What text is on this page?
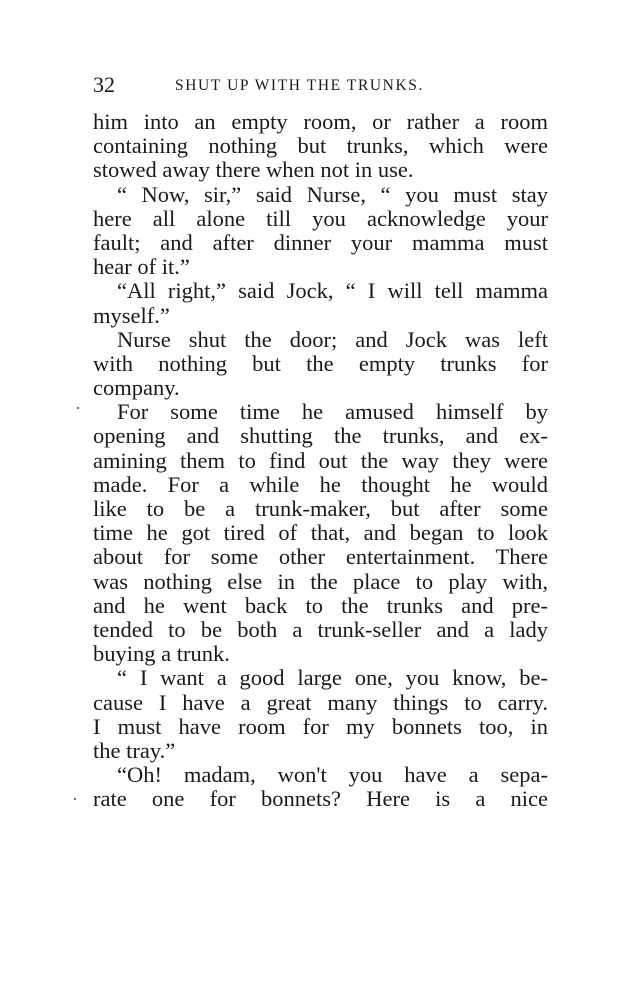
32	SHUT UP WITH THE TRUNKS.
him into an empty room, or rather a room
containing nothing but trunks, which were
stowed away there when not in use.
“ Now, sir,” said Nurse, “ you must stay
here all alone till you acknowledge your
fault; and after dinner your mamma must
hear of it.”
“All right,” said Jock, “ I will tell mamma
myself.”
Nurse shut the door; and Jock was left
with nothing but the empty trunks for
company.
For some time he amused himself by
opening and shutting the trunks, and ex-
amining them to find out the way they were
made. For a while he thought he would
like to be a trunk-maker, but after some
time he got tired of that, and began to look
about for some other entertainment. There
was nothing else in the place to play with,
and he went back to the trunks and pre-
tended to be both a trunk-seller and a lady
buying a trunk.
“ I want a good large one, you know, be-
cause I have a great many things to carry.
I must have room for my bonnets too, in
the tray.”
“Oh! madam, won't you have a sepa-
rate one for bonnets? Here is a nice
